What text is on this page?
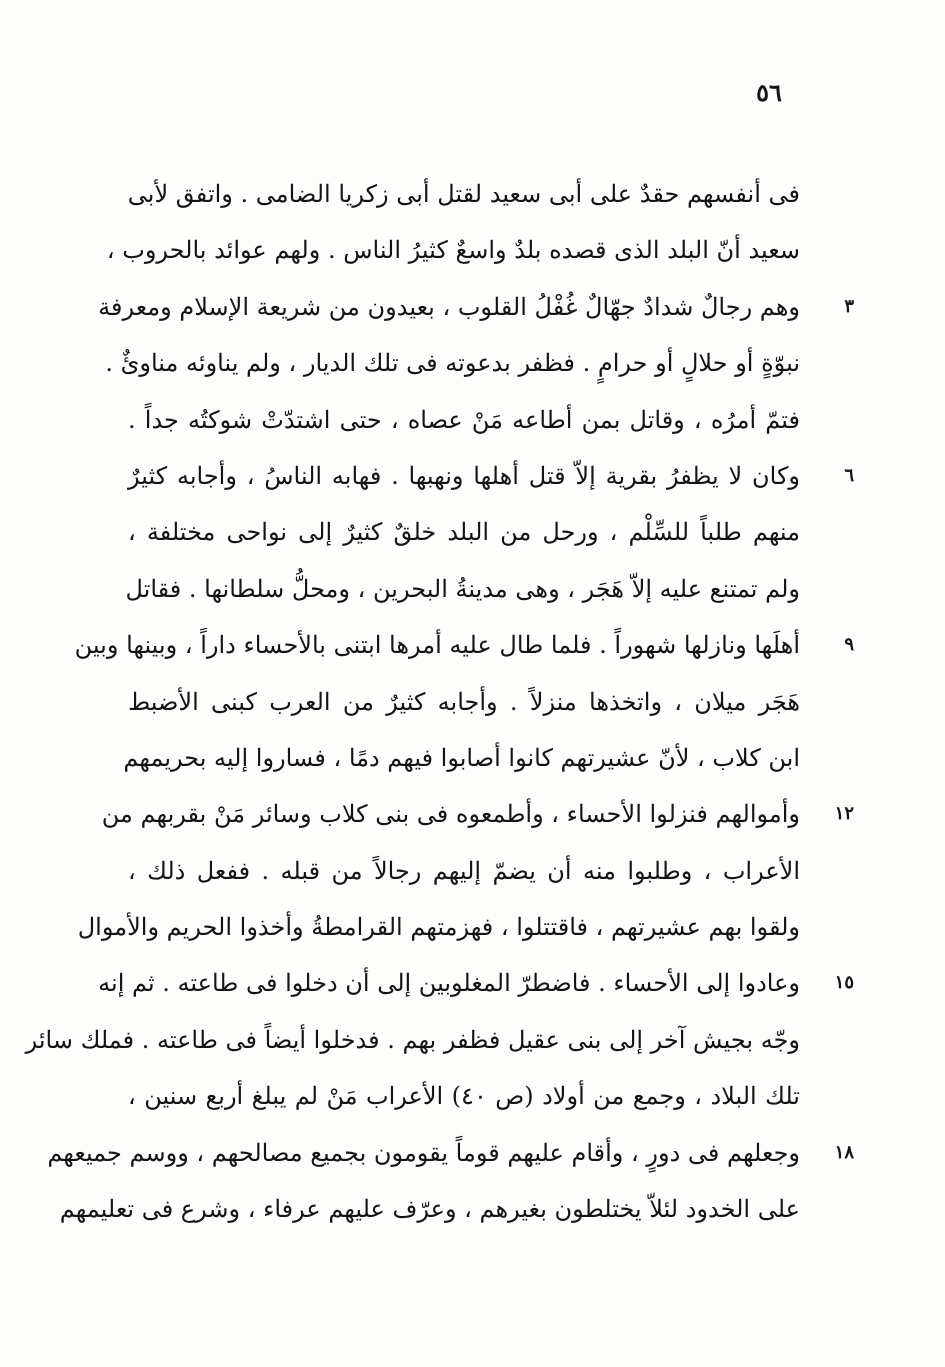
٥٦
فى أنفسهم حقدٌ على أبى سعيد لقتل أبى زكريا الضامى . واتفق لأبى
سعيد أنّ البلد الذى قصده بلدٌ واسعٌ كثيرُ الناس . ولهم عوائد بالحروب ،
وهم رجالٌ شدادٌ جهّالٌ غُفْلُ القلوب ، بعيدون من شريعة الإسلام ومعرفة	٣
نبوّةٍ أو حلالٍ أو حرامٍ . فظفر بدعوته فى تلك الديار ، ولم يناوئه مناوئٌ .
فتمّ أمرُه ، وقاتل بمن أطاعه مَنْ عصاه ، حتى اشتدّتْ شوكتُه جداً .
وكان لا يظفرُ بقرية إلاّ قتل أهلها ونهبها . فهابه الناسُ ، وأجابه كثيرٌ	٦
منهم طلباً للسِّلْم ، ورحل من البلد خلقٌ كثيرٌ إلى نواحى مختلفة ،
ولم تمتنع عليه إلاّ هَجَر ، وهى مدينةُ البحرين ، ومحلُّ سلطانها . فقاتل
أهلَها ونازلها شهوراً . فلما طال عليه أمرها ابتنى بالأحساء داراً ، وبينها وبين	٩
هَجَر ميلان ، واتخذها منزلاً . وأجابه كثيرٌ من العرب كبنى الأضبط
ابن كلاب ، لأنّ عشيرتهم كانوا أصابوا فيهم دمًا ، فساروا إليه بحريمهم
وأموالهم فنزلوا الأحساء ، وأطمعوه فى بنى كلاب وسائر مَنْ بقربهم من	١٢
الأعراب ، وطلبوا منه أن يضمّ إليهم رجالاً من قبله . ففعل ذلك ،
ولقوا بهم عشيرتهم ، فاقتتلوا ، فهزمتهم القرامطةُ وأخذوا الحريم والأموال
وعادوا إلى الأحساء . فاضطرّ المغلوبين إلى أن دخلوا فى طاعته . ثم إنه	١٥
وجّه بجيش آخر إلى بنى عقيل فظفر بهم . فدخلوا أيضاً فى طاعته . فملك سائر
تلك البلاد ، وجمع من أولاد (ص ٤٠) الأعراب مَنْ لم يبلغ أربع سنين ،
وجعلهم فى دورٍ ، وأقام عليهم قوماً يقومون بجميع مصالحهم ، ووسم جميعهم	١٨
على الخدود لئلاّ يختلطون بغيرهم ، وعرّف عليهم عرفاء ، وشرع فى تعليمهم
